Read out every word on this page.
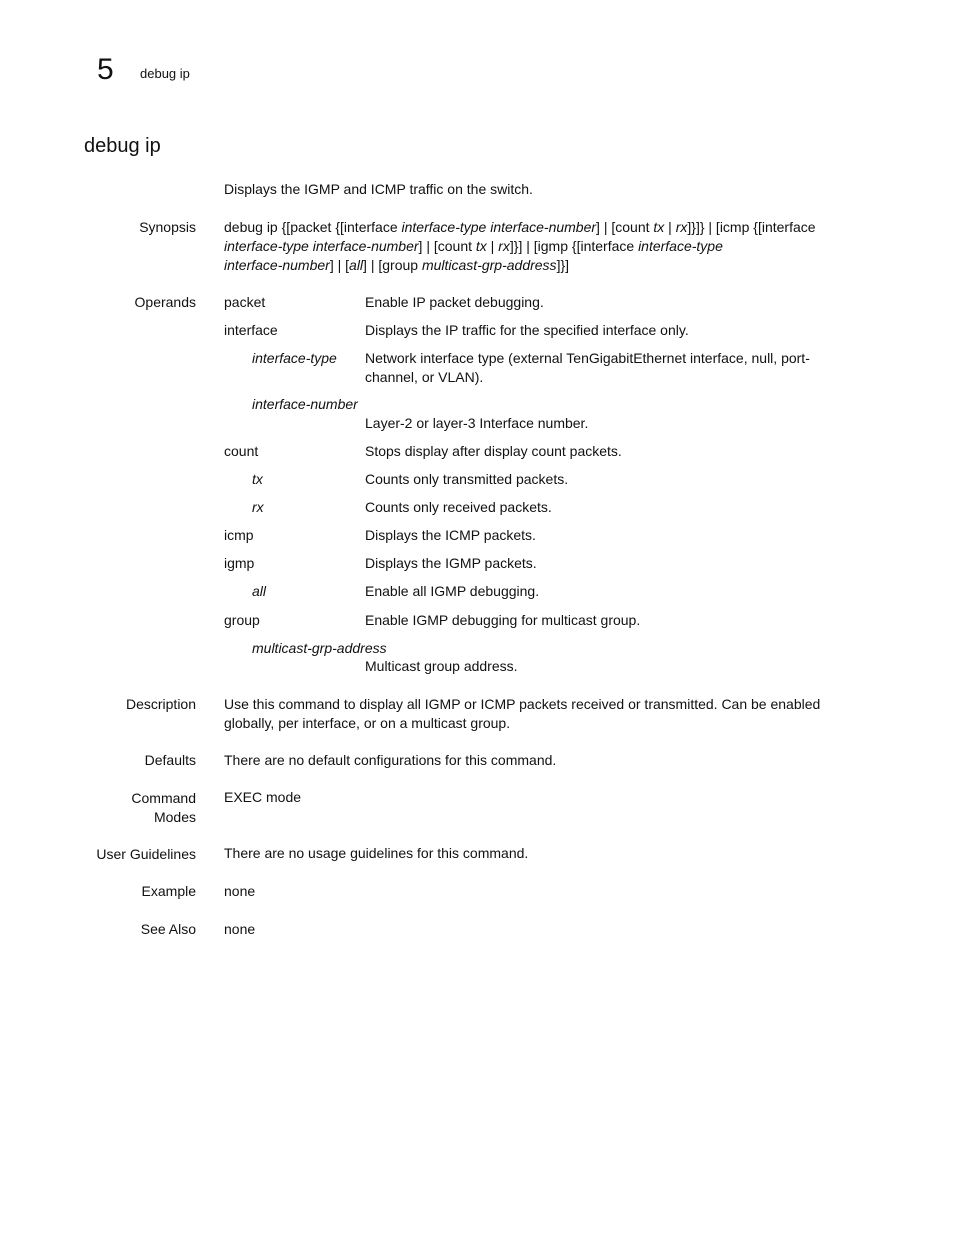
5 debug ip
debug ip
Displays the IGMP and ICMP traffic on the switch.
Synopsis debug ip {[packet {[interface interface-type interface-number] | [count tx | rx]}]} | [icmp {[interface
interface-type interface-number] | [count tx | rx]}] | [igmp {[interface interface-type
interface-number] | [all] | [group multicast-grp-address]}]
Operands packet	Enable IP packet debugging.
interface	Displays the IP traffic for the specified interface only.
interface-type Network interface type (external TenGigabitEthernet interface, null, port-channel, or VLAN).
interface-number
Layer-2 or layer-3 Interface number.
count	Stops display after display count packets.
tx	Counts only transmitted packets.
rx	Counts only received packets.
icmp	Displays the ICMP packets.
igmp	Displays the IGMP packets.
all	Enable all IGMP debugging.
group	Enable IGMP debugging for multicast group.
multicast-grp-address
Multicast group address.
Description Use this command to display all IGMP or ICMP packets received or transmitted. Can be enabled globally, per interface, or on a multicast group.
Defaults There are no default configurations for this command.
Command
Modes
EXEC mode
User Guidelines There are no usage guidelines for this command.
Example none
See Also none
